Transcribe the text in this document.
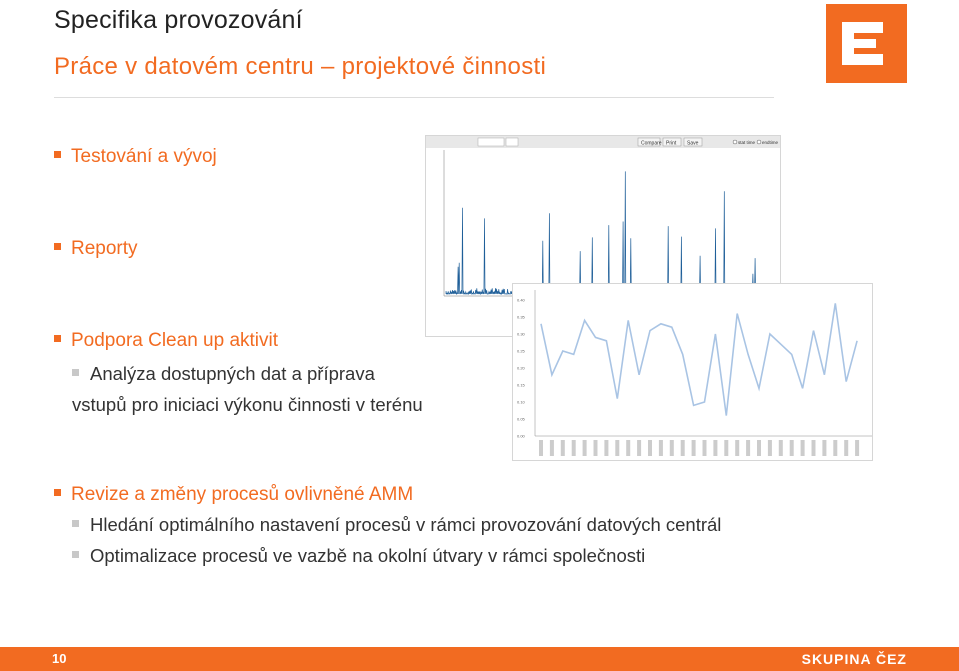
Specifika provozování
Práce v datovém centru – projektové činnosti
Testování a vývoj
Reporty
Podpora Clean up aktivit
Analýza dostupných dat a příprava
vstupů pro iniciaci výkonu činnosti v terénu
Revize a změny procesů ovlivněné AMM
Hledání optimálního nastavení procesů v rámci provozování datových centrál
Optimalizace procesů ve vazbě na okolní útvary v rámci společnosti
Compare Print Save	stat time endtime
0.00
0.05
0.10
0.15
0.20
0.25
0.30
0.35
0.40
10	SKUPINA ČEZ
